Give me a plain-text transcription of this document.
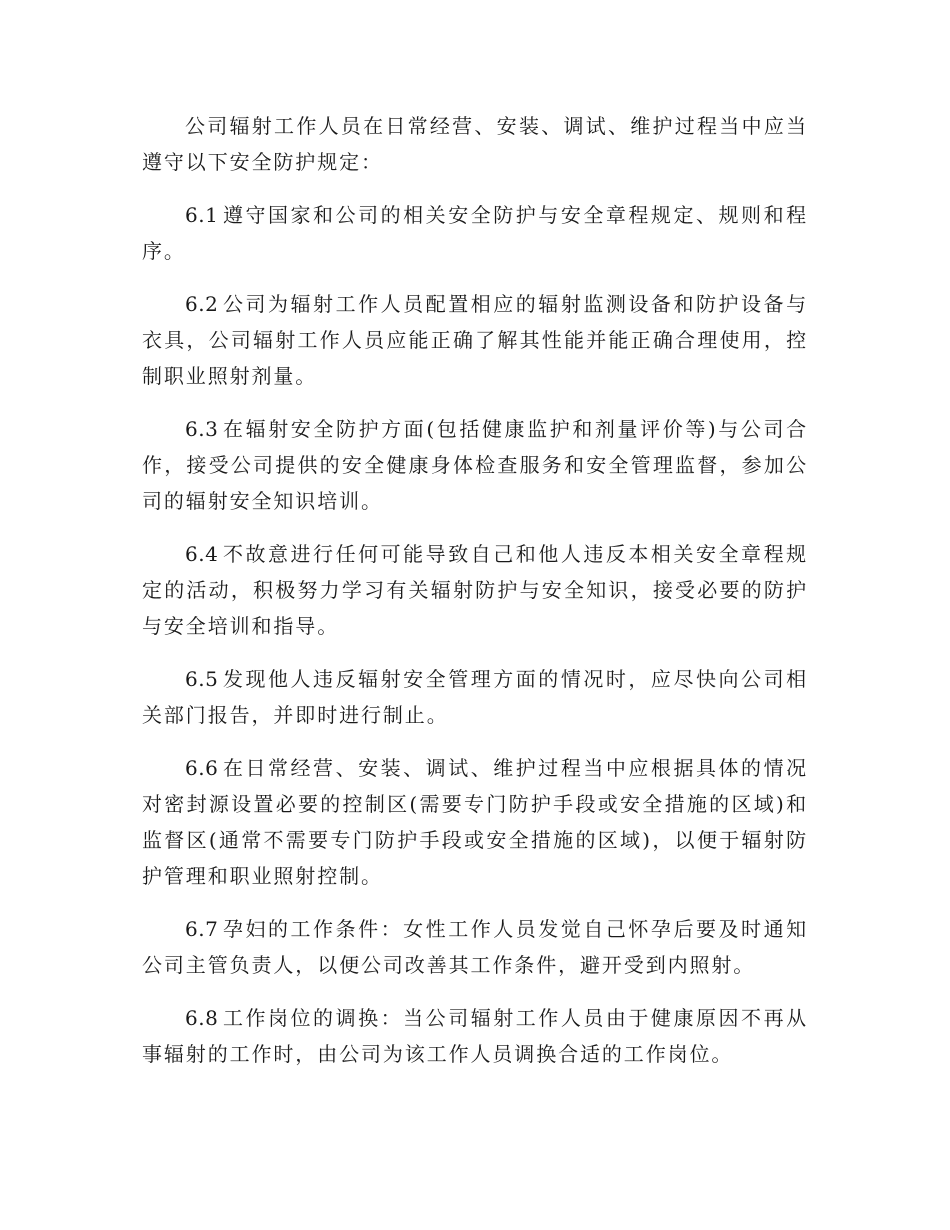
公司辐射工作人员在日常经营、安装、调试、维护过程当中应当遵守以下安全防护规定：

6.1 遵守国家和公司的相关安全防护与安全章程规定、规则和程序。

6.2 公司为辐射工作人员配置相应的辐射监测设备和防护设备与衣具，公司辐射工作人员应能正确了解其性能并能正确合理使用，控制职业照射剂量。

6.3 在辐射安全防护方面(包括健康监护和剂量评价等)与公司合作，接受公司提供的安全健康身体检查服务和安全管理监督，参加公司的辐射安全知识培训。

6.4 不故意进行任何可能导致自己和他人违反本相关安全章程规定的活动，积极努力学习有关辐射防护与安全知识，接受必要的防护与安全培训和指导。

6.5 发现他人违反辐射安全管理方面的情况时，应尽快向公司相关部门报告，并即时进行制止。

6.6 在日常经营、安装、调试、维护过程当中应根据具体的情况对密封源设置必要的控制区(需要专门防护手段或安全措施的区域)和监督区(通常不需要专门防护手段或安全措施的区域)，以便于辐射防护管理和职业照射控制。

6.7 孕妇的工作条件：女性工作人员发觉自己怀孕后要及时通知公司主管负责人，以便公司改善其工作条件，避开受到内照射。

6.8 工作岗位的调换：当公司辐射工作人员由于健康原因不再从事辐射的工作时，由公司为该工作人员调换合适的工作岗位。
